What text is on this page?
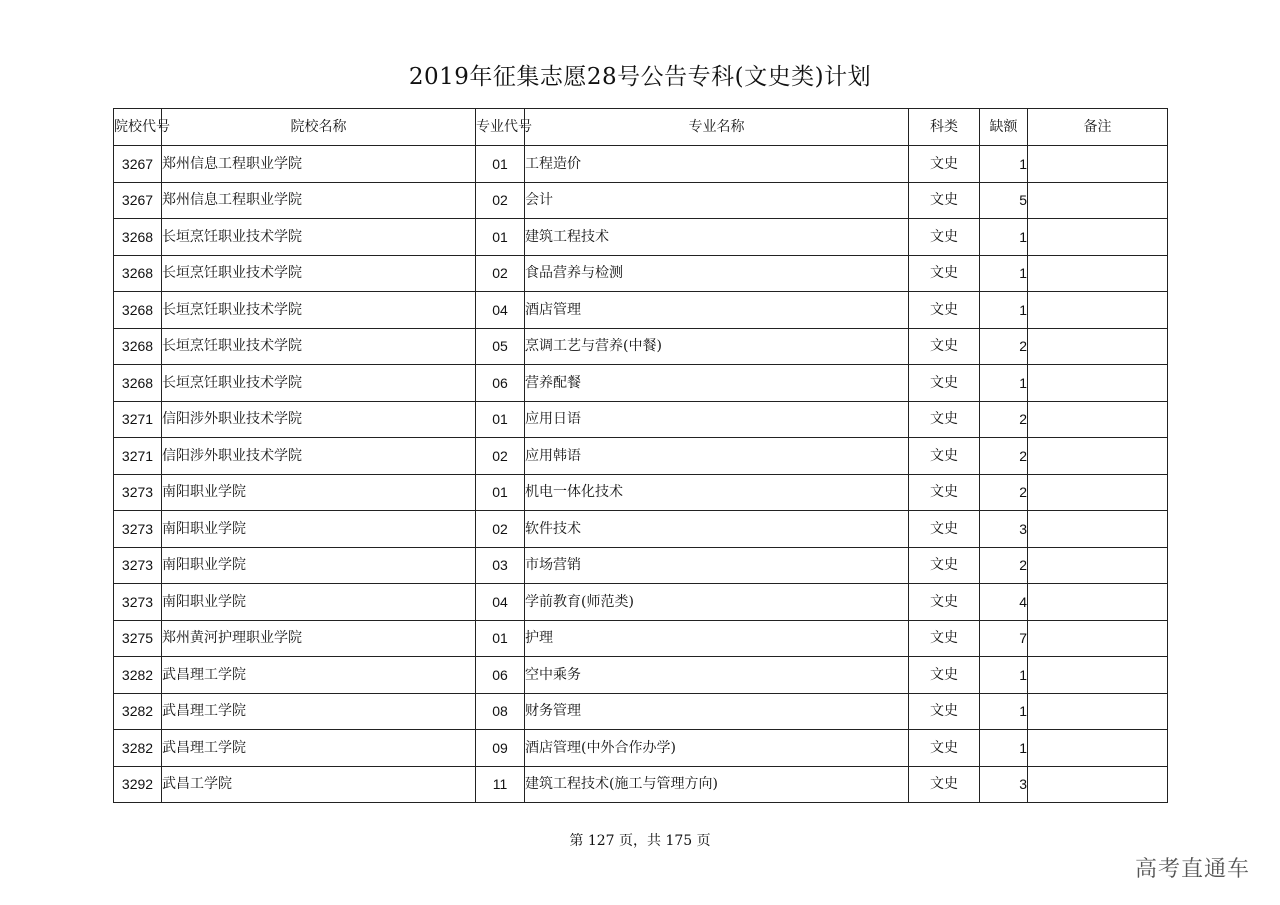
2019年征集志愿28号公告专科(文史类)计划
院校代号	院校名称	专业代号	专业名称	科类	缺额	备注
3267	郑州信息工程职业学院	01	工程造价	文史	1	
3267	郑州信息工程职业学院	02	会计	文史	5	
3268	长垣烹饪职业技术学院	01	建筑工程技术	文史	1	
3268	长垣烹饪职业技术学院	02	食品营养与检测	文史	1	
3268	长垣烹饪职业技术学院	04	酒店管理	文史	1	
3268	长垣烹饪职业技术学院	05	烹调工艺与营养(中餐)	文史	2	
3268	长垣烹饪职业技术学院	06	营养配餐	文史	1	
3271	信阳涉外职业技术学院	01	应用日语	文史	2	
3271	信阳涉外职业技术学院	02	应用韩语	文史	2	
3273	南阳职业学院	01	机电一体化技术	文史	2	
3273	南阳职业学院	02	软件技术	文史	3	
3273	南阳职业学院	03	市场营销	文史	2	
3273	南阳职业学院	04	学前教育(师范类)	文史	4	
3275	郑州黄河护理职业学院	01	护理	文史	7	
3282	武昌理工学院	06	空中乘务	文史	1	
3282	武昌理工学院	08	财务管理	文史	1	
3282	武昌理工学院	09	酒店管理(中外合作办学)	文史	1	
3292	武昌工学院	11	建筑工程技术(施工与管理方向)	文史	3	
第 127 页，共 175 页
高考直通车
